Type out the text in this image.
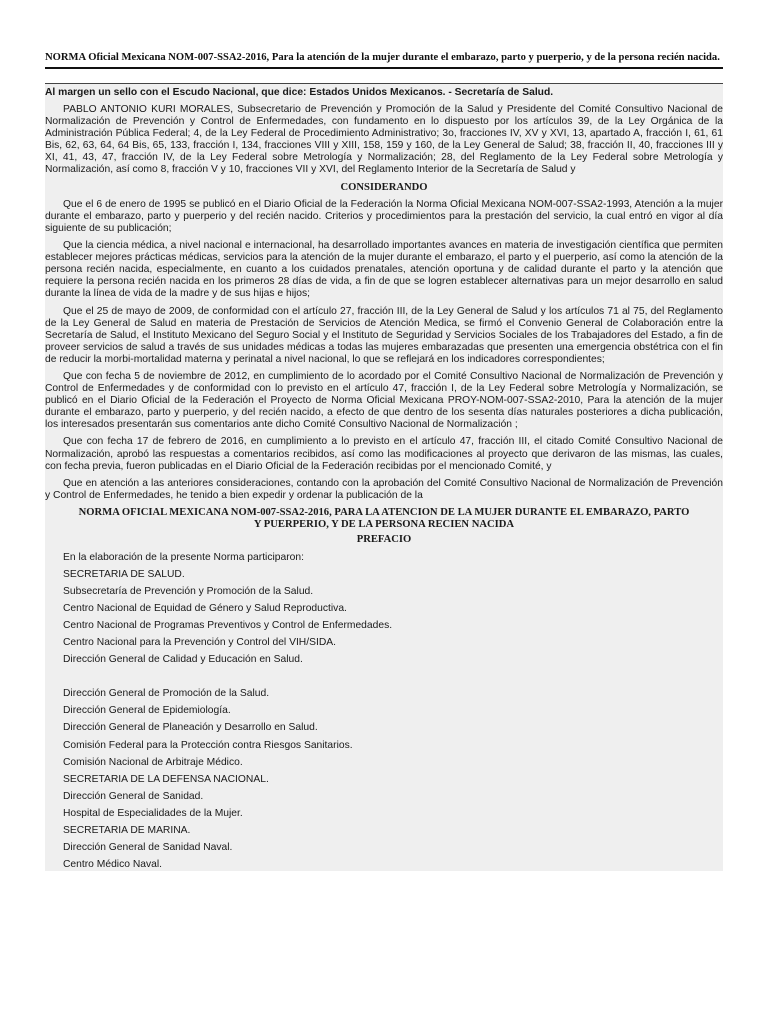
NORMA Oficial Mexicana NOM-007-SSA2-2016, Para la atención de la mujer durante el embarazo, parto y puerperio, y de la persona recién nacida.

Al margen un sello con el Escudo Nacional, que dice: Estados Unidos Mexicanos. - Secretaría de Salud.

PABLO ANTONIO KURI MORALES, Subsecretario de Prevención y Promoción de la Salud y Presidente del Comité Consultivo Nacional de Normalización de Prevención y Control de Enfermedades, con fundamento en lo dispuesto por los artículos 39, de la Ley Orgánica de la Administración Pública Federal; 4, de la Ley Federal de Procedimiento Administrativo; 3o, fracciones IV, XV y XVI, 13, apartado A, fracción I, 61, 61 Bis, 62, 63, 64, 64 Bis, 65, 133, fracción I, 134, fracciones VIII y XIII, 158, 159 y 160, de la Ley General de Salud; 38, fracción II, 40, fracciones III y XI, 41, 43, 47, fracción IV, de la Ley Federal sobre Metrología y Normalización; 28, del Reglamento de la Ley Federal sobre Metrología y Normalización, así como 8, fracción V y 10, fracciones VII y XVI, del Reglamento Interior de la Secretaría de Salud y

CONSIDERANDO

Que el 6 de enero de 1995 se publicó en el Diario Oficial de la Federación la Norma Oficial Mexicana NOM-007-SSA2-1993, Atención a la mujer durante el embarazo, parto y puerperio y del recién nacido. Criterios y procedimientos para la prestación del servicio, la cual entró en vigor al día siguiente de su publicación;

Que la ciencia médica, a nivel nacional e internacional, ha desarrollado importantes avances en materia de investigación científica que permiten establecer mejores prácticas médicas, servicios para la atención de la mujer durante el embarazo, el parto y el puerperio, así como la atención de la persona recién nacida, especialmente, en cuanto a los cuidados prenatales, atención oportuna y de calidad durante el parto y la atención que requiere la persona recién nacida en los primeros 28 días de vida, a fin de que se logren establecer alternativas para un mejor desarrollo en salud durante la línea de vida de la madre y de sus hijas e hijos;

Que el 25 de mayo de 2009, de conformidad con el artículo 27, fracción III, de la Ley General de Salud y los artículos 71 al 75, del Reglamento de la Ley General de Salud en materia de Prestación de Servicios de Atención Medica, se firmó el Convenio General de Colaboración entre la Secretaría de Salud, el Instituto Mexicano del Seguro Social y el Instituto de Seguridad y Servicios Sociales de los Trabajadores del Estado, a fin de proveer servicios de salud a través de sus unidades médicas a todas las mujeres embarazadas que presenten una emergencia obstétrica con el fin de reducir la morbi-mortalidad materna y perinatal a nivel nacional, lo que se reflejará en los indicadores correspondientes;

Que con fecha 5 de noviembre de 2012, en cumplimiento de lo acordado por el Comité Consultivo Nacional de Normalización de Prevención y Control de Enfermedades y de conformidad con lo previsto en el artículo 47, fracción I, de la Ley Federal sobre Metrología y Normalización, se publicó en el Diario Oficial de la Federación el Proyecto de Norma Oficial Mexicana PROY-NOM-007-SSA2-2010, Para la atención de la mujer durante el embarazo, parto y puerperio, y del recién nacido, a efecto de que dentro de los sesenta días naturales posteriores a dicha publicación, los interesados presentarán sus comentarios ante dicho Comité Consultivo Nacional de Normalización ;

Que con fecha 17 de febrero de 2016, en cumplimiento a lo previsto en el artículo 47, fracción III, el citado Comité Consultivo Nacional de Normalización, aprobó las respuestas a comentarios recibidos, así como las modificaciones al proyecto que derivaron de las mismas, las cuales, con fecha previa, fueron publicadas en el Diario Oficial de la Federación recibidas por el mencionado Comité, y

Que en atención a las anteriores consideraciones, contando con la aprobación del Comité Consultivo Nacional de Normalización de Prevención y Control de Enfermedades, he tenido a bien expedir y ordenar la publicación de la

NORMA OFICIAL MEXICANA NOM-007-SSA2-2016, PARA LA ATENCION DE LA MUJER DURANTE EL EMBARAZO, PARTO Y PUERPERIO, Y DE LA PERSONA RECIEN NACIDA
PREFACIO
En la elaboración de la presente Norma participaron:
SECRETARIA DE SALUD.
Subsecretaría de Prevención y Promoción de la Salud.
Centro Nacional de Equidad de Género y Salud Reproductiva.
Centro Nacional de Programas Preventivos y Control de Enfermedades.
Centro Nacional para la Prevención y Control del VIH/SIDA.
Dirección General de Calidad y Educación en Salud.
Dirección General de Promoción de la Salud.
Dirección General de Epidemiología.
Dirección General de Planeación y Desarrollo en Salud.
Comisión Federal para la Protección contra Riesgos Sanitarios.
Comisión Nacional de Arbitraje Médico.
SECRETARIA DE LA DEFENSA NACIONAL.
Dirección General de Sanidad.
Hospital de Especialidades de la Mujer.
SECRETARIA DE MARINA.
Dirección General de Sanidad Naval.
Centro Médico Naval.
